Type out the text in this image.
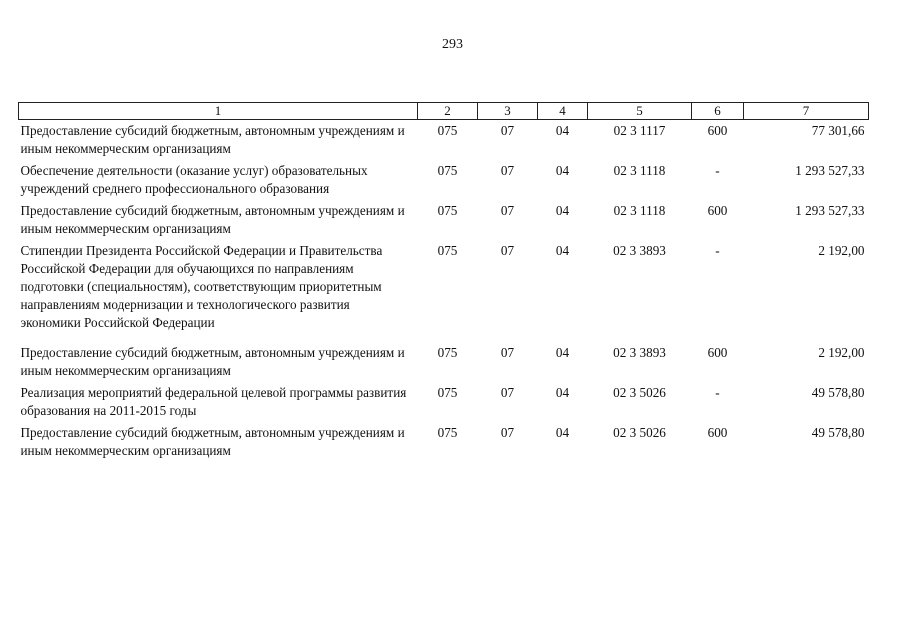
293
1	2	3	4	5	6	7
Предоставление субсидий бюджетным, автономным учреждениям и иным некоммерческим организациям	075	07	04	02 3 1117	600	77 301,66
Обеспечение деятельности (оказание услуг) образовательных учреждений среднего профессионального образования	075	07	04	02 3 1118	-	1 293 527,33
Предоставление субсидий бюджетным, автономным учреждениям и иным некоммерческим организациям	075	07	04	02 3 1118	600	1 293 527,33
Стипендии Президента Российской Федерации и Правительства Российской Федерации для обучающихся по направлениям подготовки (специальностям), соответствующим приоритетным направлениям модернизации и технологического развития экономики Российской Федерации	075	07	04	02 3 3893	-	2 192,00
Предоставление субсидий бюджетным, автономным учреждениям и иным некоммерческим организациям	075	07	04	02 3 3893	600	2 192,00
Реализация мероприятий федеральной целевой программы развития образования на 2011-2015 годы	075	07	04	02 3 5026	-	49 578,80
Предоставление субсидий бюджетным, автономным учреждениям и иным некоммерческим организациям	075	07	04	02 3 5026	600	49 578,80
